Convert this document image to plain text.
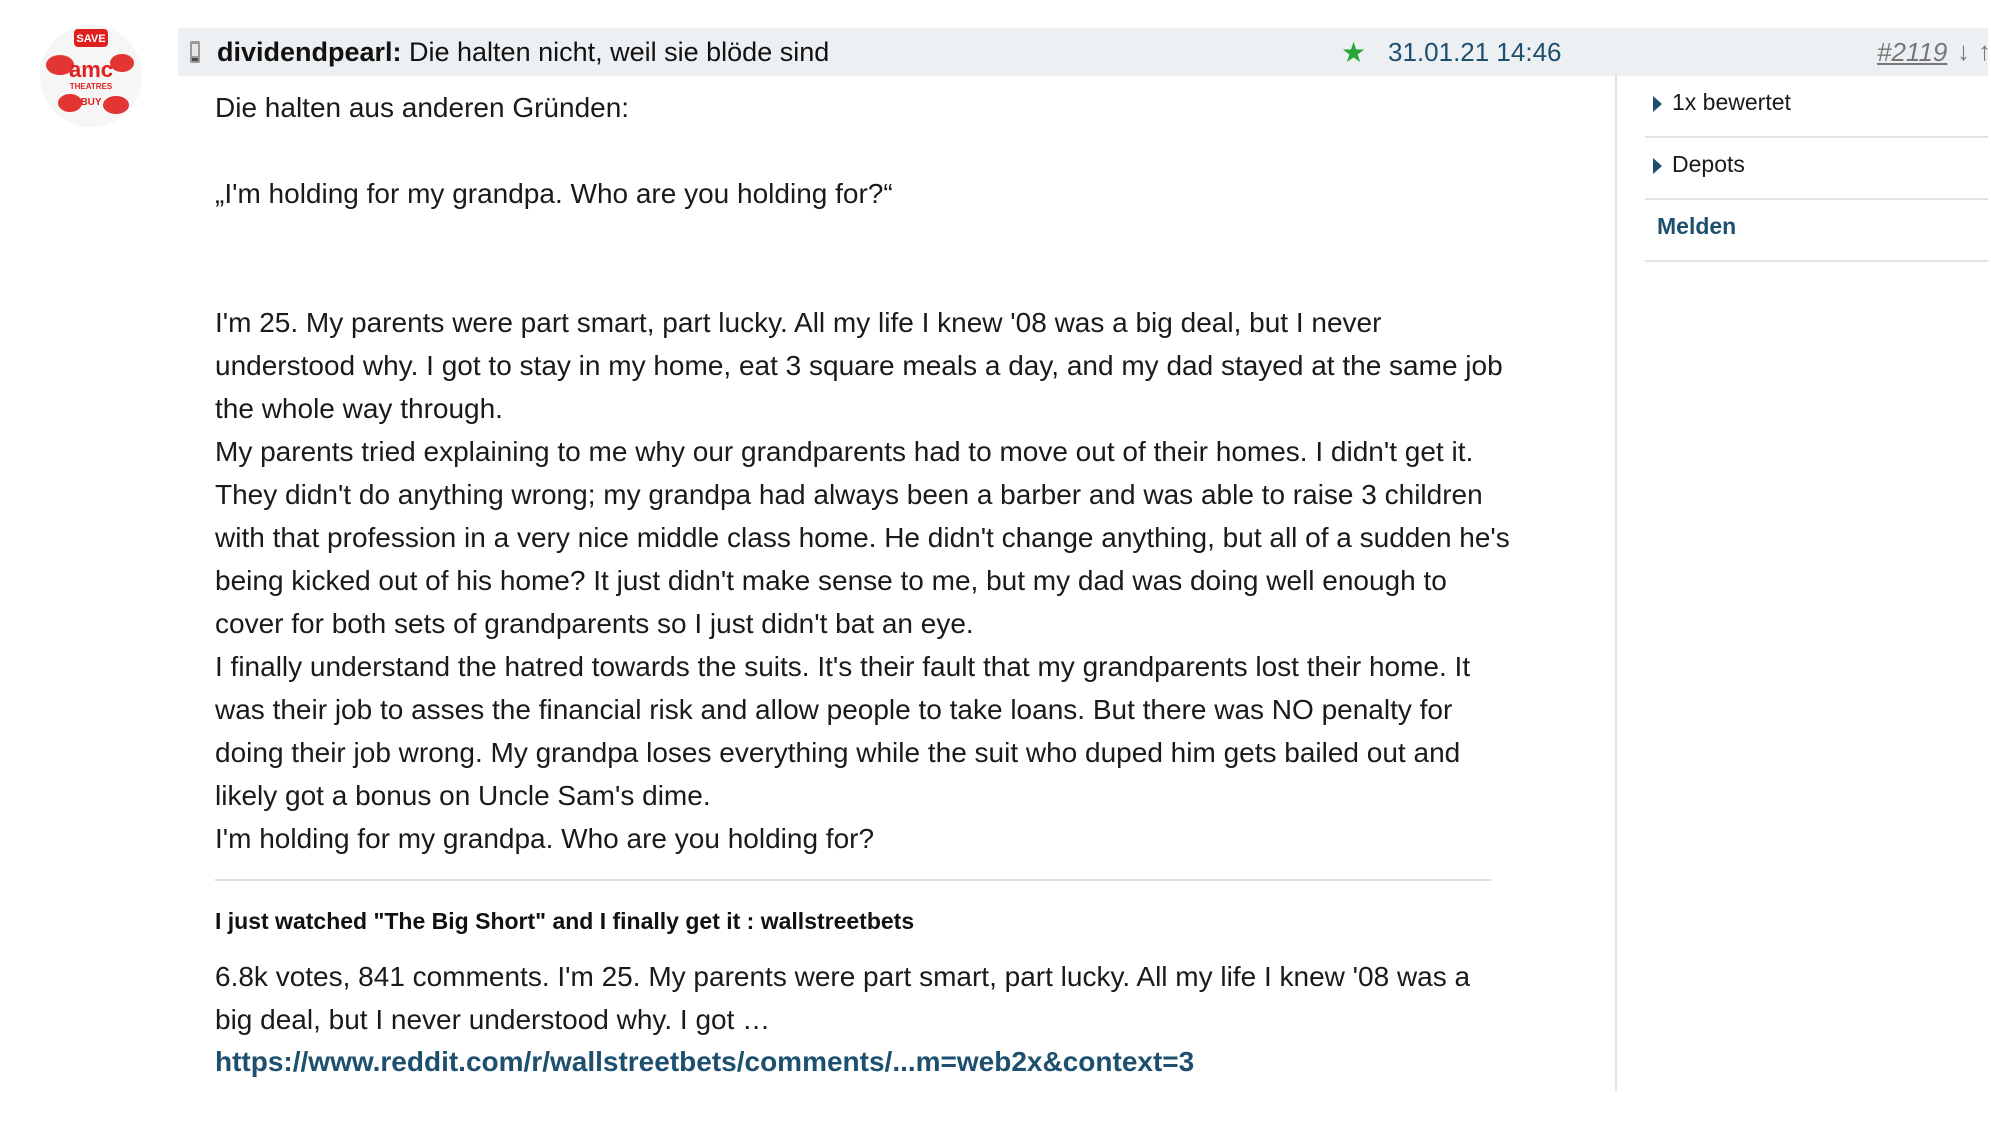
SAVE
amc
THEATRES
BUY
dividendpearl: Die halten nicht, weil sie blöde sind	★ 31.01.21 14:46	#2119 ↓ ↑

Die halten aus anderen Gründen:

„I'm holding for my grandpa. Who are you holding for?“

I'm 25. My parents were part smart, part lucky. All my life I knew '08 was a big deal, but I never understood why. I got to stay in my home, eat 3 square meals a day, and my dad stayed at the same job the whole way through.

My parents tried explaining to me why our grandparents had to move out of their homes. I didn't get it. They didn't do anything wrong; my grandpa had always been a barber and was able to raise 3 children with that profession in a very nice middle class home. He didn't change anything, but all of a sudden he's being kicked out of his home? It just didn't make sense to me, but my dad was doing well enough to cover for both sets of grandparents so I just didn't bat an eye.

I finally understand the hatred towards the suits. It's their fault that my grandparents lost their home. It was their job to asses the financial risk and allow people to take loans. But there was NO penalty for doing their job wrong. My grandpa loses everything while the suit who duped him gets bailed out and likely got a bonus on Uncle Sam's dime.

I'm holding for my grandpa. Who are you holding for?

I just watched "The Big Short" and I finally get it : wallstreetbets
6.8k votes, 841 comments. I'm 25. My parents were part smart, part lucky. All my life I knew '08 was a big deal, but I never understood why. I got …
https://www.reddit.com/r/wallstreetbets/comments/...m=web2x&context=3
1x bewertet
Depots
Melden
